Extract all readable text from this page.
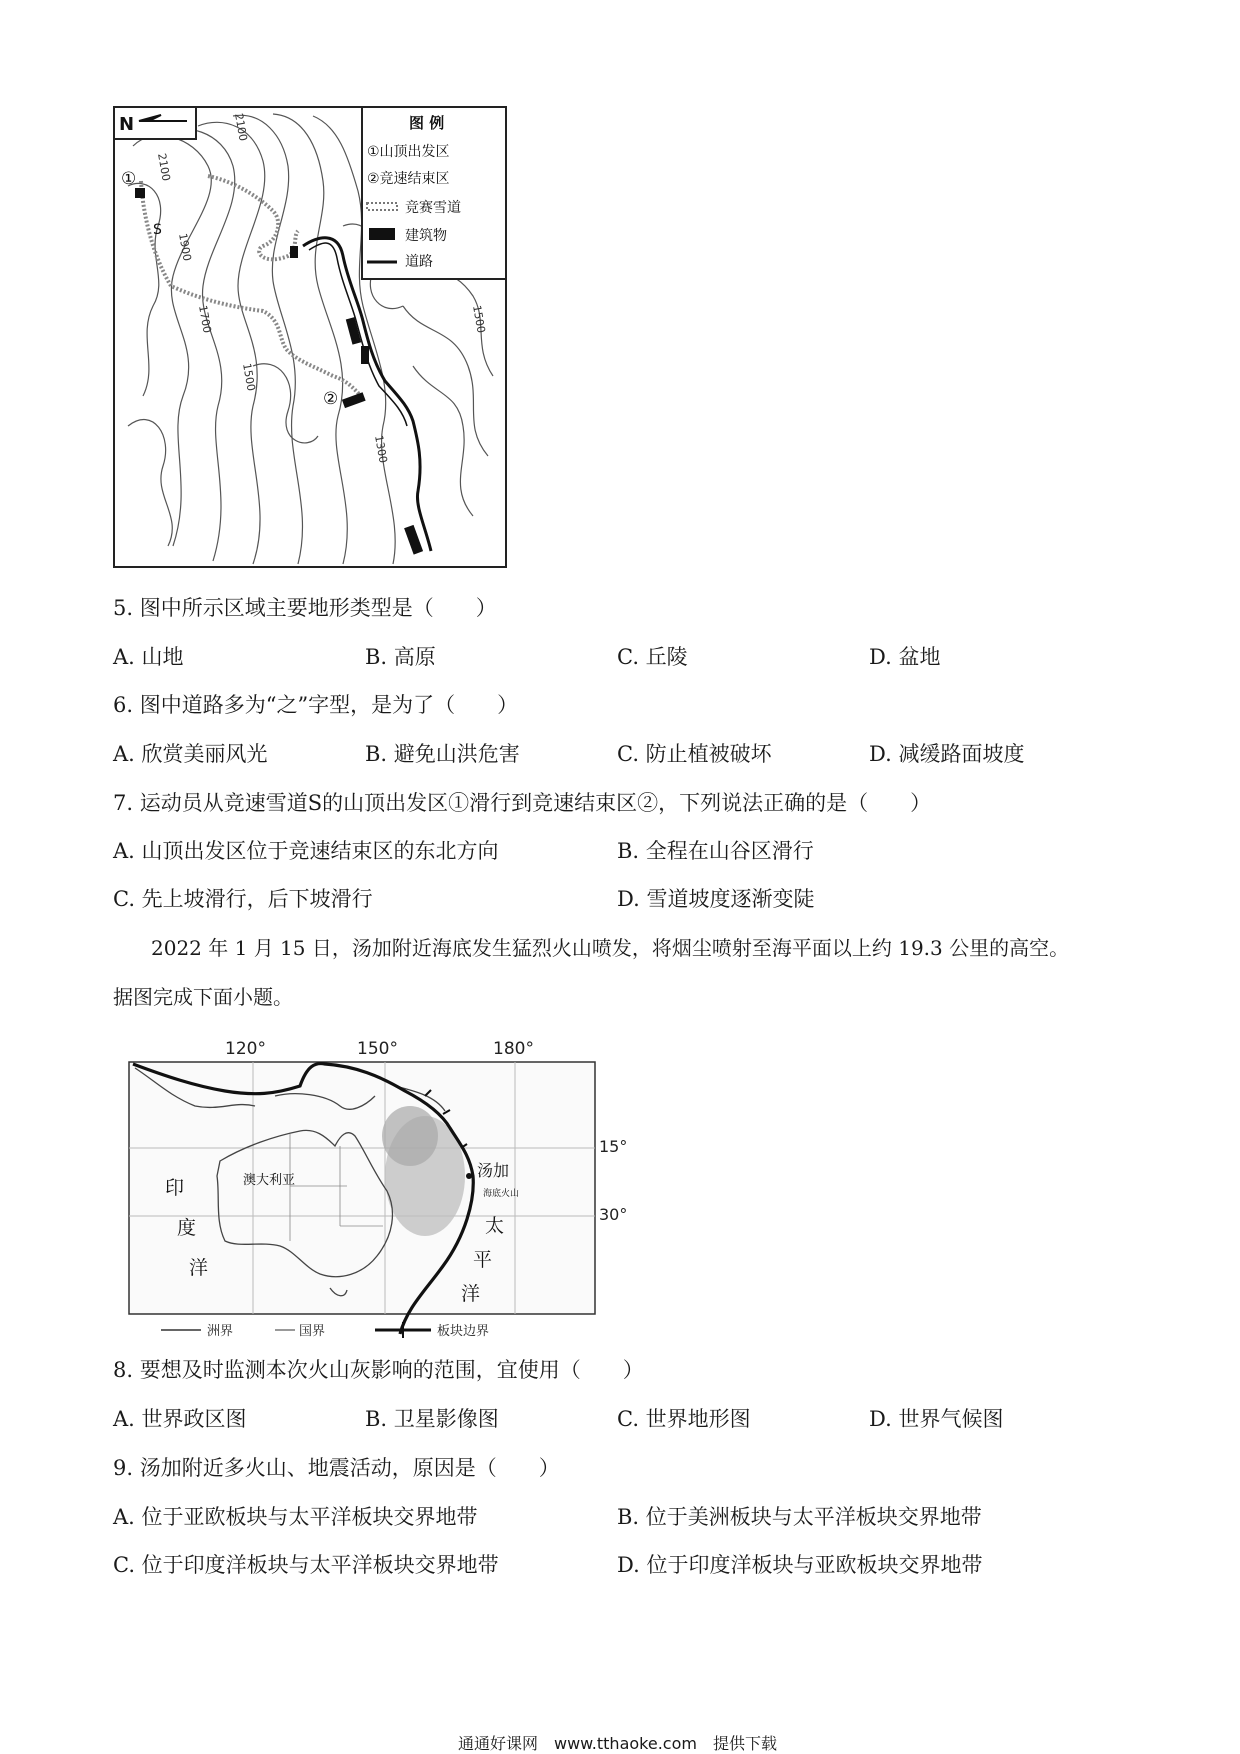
2100
2100
1900
1700
1500
1500
1300
N
①
S
②
图 例
①山顶出发区
②竞速结束区
竞赛雪道
建筑物
道路
5. 图中所示区域主要地形类型是（　　）
A. 山地	B. 高原	C. 丘陵	D. 盆地
6. 图中道路多为“之”字型，是为了（　　）
A. 欣赏美丽风光	B. 避免山洪危害	C. 防止植被破坏	D. 减缓路面坡度
7. 运动员从竞速雪道S的山顶出发区①滑行到竞速结束区②，下列说法正确的是（　　）
A. 山顶出发区位于竞速结束区的东北方向	B. 全程在山谷区滑行
C. 先上坡滑行，后下坡滑行	D. 雪道坡度逐渐变陡
2022 年 1 月 15 日，汤加附近海底发生猛烈火山喷发，将烟尘喷射至海平面以上约 19.3 公里的高空。
据图完成下面小题。
120°	150°	180°
15°
30°
澳大利亚
汤加
海底火山
印
度
洋
太
平
洋
洲界	国界	板块边界
8. 要想及时监测本次火山灰影响的范围，宜使用（　　）
A. 世界政区图	B. 卫星影像图	C. 世界地形图	D. 世界气候图
9. 汤加附近多火山、地震活动，原因是（　　）
A. 位于亚欧板块与太平洋板块交界地带	B. 位于美洲板块与太平洋板块交界地带
C. 位于印度洋板块与太平洋板块交界地带	D. 位于印度洋板块与亚欧板块交界地带
通通好课网　www.tthaoke.com　提供下载
